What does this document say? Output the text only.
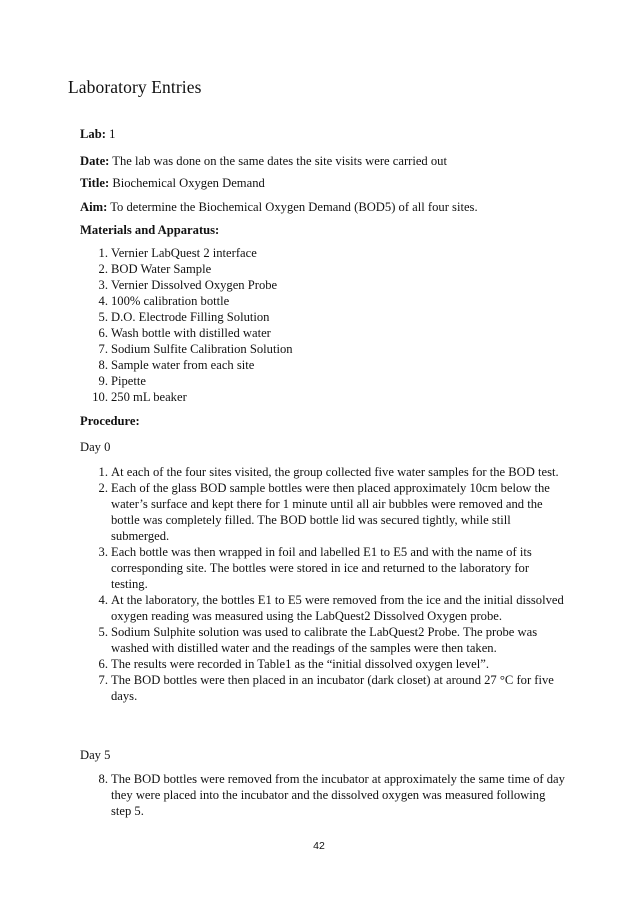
Laboratory Entries
Lab: 1
Date: The lab was done on the same dates the site visits were carried out
Title: Biochemical Oxygen Demand
Aim: To determine the Biochemical Oxygen Demand (BOD5) of all four sites.
Materials and Apparatus:
1. Vernier LabQuest 2 interface
2. BOD Water Sample
3. Vernier Dissolved Oxygen Probe
4. 100% calibration bottle
5. D.O. Electrode Filling Solution
6. Wash bottle with distilled water
7. Sodium Sulfite Calibration Solution
8. Sample water from each site
9. Pipette
10. 250 mL beaker
Procedure:
Day 0
1. At each of the four sites visited, the group collected five water samples for the BOD test.
2. Each of the glass BOD sample bottles were then placed approximately 10cm below the water’s surface and kept there for 1 minute until all air bubbles were removed and the bottle was completely filled. The BOD bottle lid was secured tightly, while still submerged.
3. Each bottle was then wrapped in foil and labelled E1 to E5 and with the name of its corresponding site. The bottles were stored in ice and returned to the laboratory for testing.
4. At the laboratory, the bottles E1 to E5 were removed from the ice and the initial dissolved oxygen reading was measured using the LabQuest2 Dissolved Oxygen probe.
5. Sodium Sulphite solution was used to calibrate the LabQuest2 Probe. The probe was washed with distilled water and the readings of the samples were then taken.
6. The results were recorded in Table1 as the “initial dissolved oxygen level”.
7. The BOD bottles were then placed in an incubator (dark closet) at around 27 °C for five days.
Day 5
8. The BOD bottles were removed from the incubator at approximately the same time of day they were placed into the incubator and the dissolved oxygen was measured following step 5.
42
